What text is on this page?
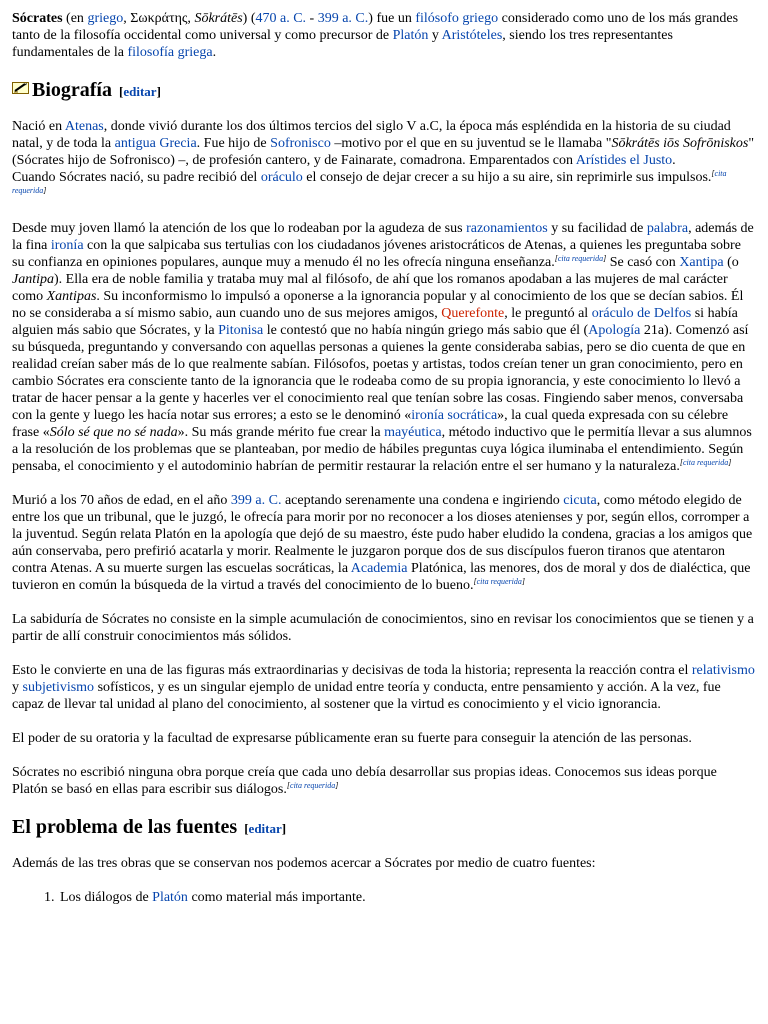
Sócrates (en griego, Σωκράτης, Sōkrátēs) (470 a. C. - 399 a. C.) fue un filósofo griego considerado como uno de los más grandes tanto de la filosofía occidental como universal y como precursor de Platón y Aristóteles, siendo los tres representantes fundamentales de la filosofía griega.

Biografía [editar]

Nació en Atenas, donde vivió durante los dos últimos tercios del siglo V a.C, la época más espléndida en la historia de su ciudad natal, y de toda la antigua Grecia. Fue hijo de Sofronisco –motivo por el que en su juventud se le llamaba "Sōkrátēs iōs Sofrōniskos" (Sócrates hijo de Sofronisco) –, de profesión cantero, y de Fainarate, comadrona. Emparentados con Arístides el Justo.

Cuando Sócrates nació, su padre recibió del oráculo el consejo de dejar crecer a su hijo a su aire, sin reprimirle sus impulsos.[cita requerida]

Desde muy joven llamó la atención de los que lo rodeaban por la agudeza de sus razonamientos y su facilidad de palabra, además de la fina ironía con la que salpicaba sus tertulias con los ciudadanos jóvenes aristocráticos de Atenas, a quienes les preguntaba sobre su confianza en opiniones populares, aunque muy a menudo él no les ofrecía ninguna enseñanza.[cita requerida] Se casó con Xantipa (o Jantipa). Ella era de noble familia y trataba muy mal al filósofo, de ahí que los romanos apodaban a las mujeres de mal carácter como Xantipas. Su inconformismo lo impulsó a oponerse a la ignorancia popular y al conocimiento de los que se decían sabios. Él no se consideraba a sí mismo sabio, aun cuando uno de sus mejores amigos, Querefonte, le preguntó al oráculo de Delfos si había alguien más sabio que Sócrates, y la Pitonisa le contestó que no había ningún griego más sabio que él (Apología 21a). Comenzó así su búsqueda, preguntando y conversando con aquellas personas a quienes la gente consideraba sabias, pero se dio cuenta de que en realidad creían saber más de lo que realmente sabían. Filósofos, poetas y artistas, todos creían tener un gran conocimiento, pero en cambio Sócrates era consciente tanto de la ignorancia que le rodeaba como de su propia ignorancia, y este conocimiento lo llevó a tratar de hacer pensar a la gente y hacerles ver el conocimiento real que tenían sobre las cosas. Fingiendo saber menos, conversaba con la gente y luego les hacía notar sus errores; a esto se le denominó «ironía socrática», la cual queda expresada con su célebre frase «Sólo sé que no sé nada». Su más grande mérito fue crear la mayéutica, método inductivo que le permitía llevar a sus alumnos a la resolución de los problemas que se planteaban, por medio de hábiles preguntas cuya lógica iluminaba el entendimiento. Según pensaba, el conocimiento y el autodominio habrían de permitir restaurar la relación entre el ser humano y la naturaleza.[cita requerida]

Murió a los 70 años de edad, en el año 399 a. C. aceptando serenamente una condena e ingiriendo cicuta, como método elegido de entre los que un tribunal, que le juzgó, le ofrecía para morir por no reconocer a los dioses atenienses y por, según ellos, corromper a la juventud. Según relata Platón en la apología que dejó de su maestro, éste pudo haber eludido la condena, gracias a los amigos que aún conservaba, pero prefirió acatarla y morir. Realmente le juzgaron porque dos de sus discípulos fueron tiranos que atentaron contra Atenas. A su muerte surgen las escuelas socráticas, la Academia Platónica, las menores, dos de moral y dos de dialéctica, que tuvieron en común la búsqueda de la virtud a través del conocimiento de lo bueno.[cita requerida]

La sabiduría de Sócrates no consiste en la simple acumulación de conocimientos, sino en revisar los conocimientos que se tienen y a partir de allí construir conocimientos más sólidos.

Esto le convierte en una de las figuras más extraordinarias y decisivas de toda la historia; representa la reacción contra el relativismo y subjetivismo sofísticos, y es un singular ejemplo de unidad entre teoría y conducta, entre pensamiento y acción. A la vez, fue capaz de llevar tal unidad al plano del conocimiento, al sostener que la virtud es conocimiento y el vicio ignorancia.

El poder de su oratoria y la facultad de expresarse públicamente eran su fuerte para conseguir la atención de las personas.

Sócrates no escribió ninguna obra porque creía que cada uno debía desarrollar sus propias ideas. Conocemos sus ideas porque Platón se basó en ellas para escribir sus diálogos.[cita requerida]

El problema de las fuentes [editar]

Además de las tres obras que se conservan nos podemos acercar a Sócrates por medio de cuatro fuentes:

1. Los diálogos de Platón como material más importante.
